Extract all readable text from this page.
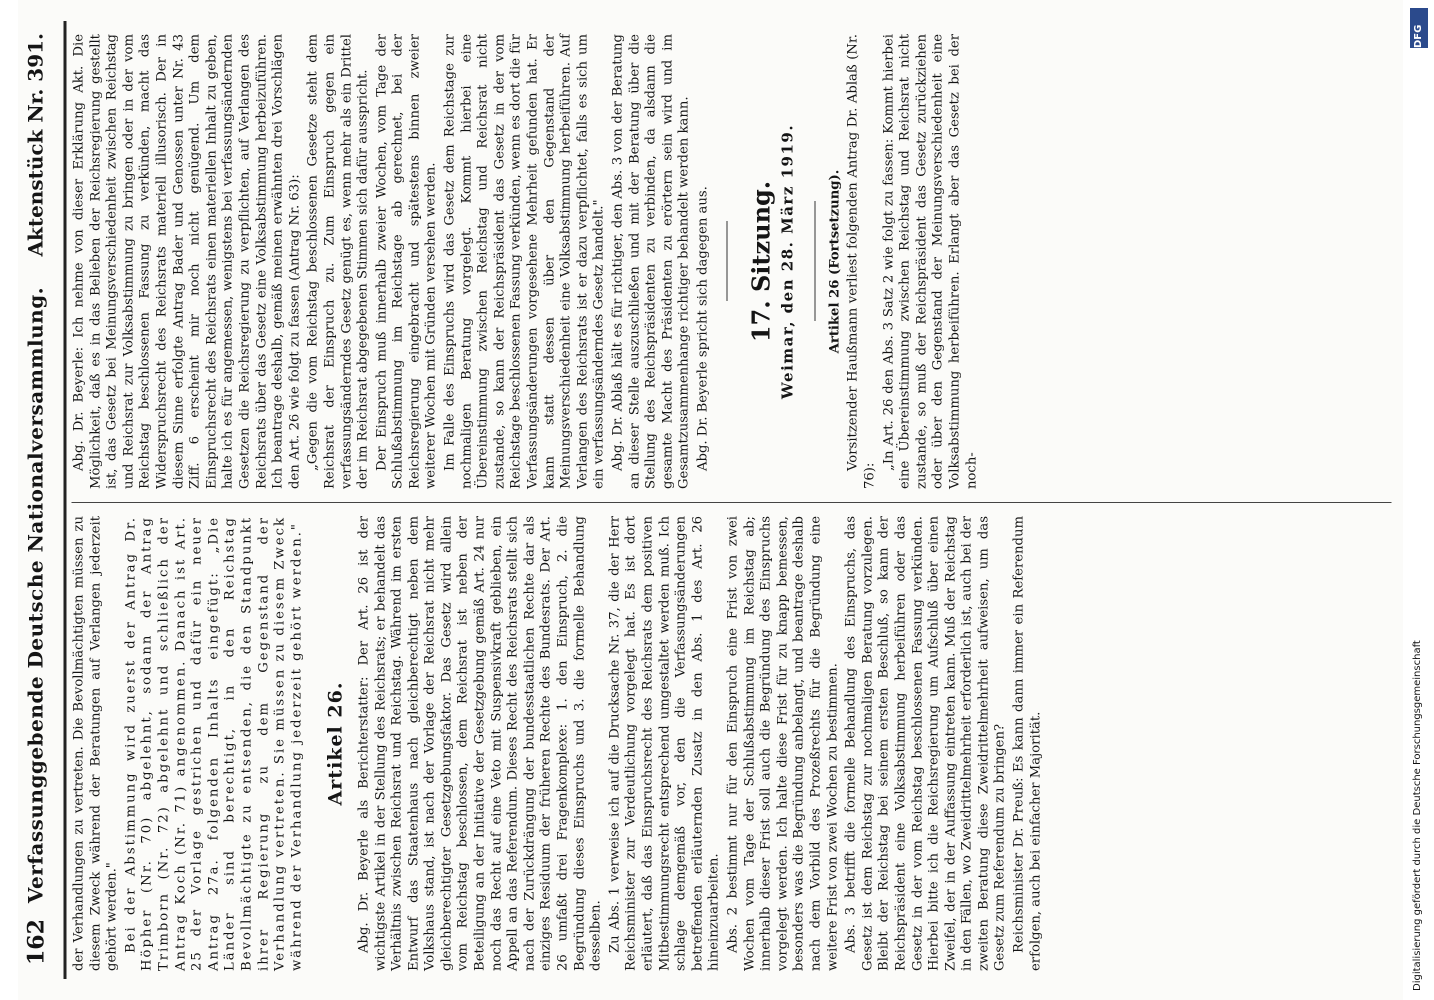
162
Verfassunggebende Deutsche Nationalversammlung.
Aktenstück Nr. 391.

der Verhandlungen zu vertreten. Die Bevollmächtigten müssen zu diesem Zweck während der Beratungen auf Verlangen jederzeit gehört werden." Bei der Abstimmung wird zuerst der Antrag Dr. Höpher (Nr. 70) abgelehnt, sodann der Antrag Trimborn (Nr. 72) abgelehnt und schließlich der Antrag Koch (Nr. 71) angenommen. Danach ist Art. 25 der Vorlage gestrichen und dafür ein neuer Antrag 27a. folgenden Inhalts eingefügt: „Die Länder sind berechtigt, in den Reichstag Bevollmächtigte zu entsenden, die den Standpunkt ihrer Regierung zu dem Gegenstand der Verhandlung vertreten. Sie müssen zu diesem Zweck während der Verhandlung jederzeit gehört werden." Artikel 26. Abg. Dr. Beyerle als Berichterstatter: Der Art. 26 ist der wichtigste Artikel in der Stellung des Reichsrats; er behandelt das Verhältnis zwischen Reichsrat und Reichstag. Während im ersten Entwurf das Staatenhaus nach gleichberechtigt neben dem Volkshaus stand, ist nach der Vorlage der Reichsrat nicht mehr gleichberechtigter Gesetzgebungsfaktor. Das Gesetz wird allein vom Reichstag beschlossen, dem Reichsrat ist neben der Beteiligung an der Initiative der Gesetzgebung gemäß Art. 24 nur noch das Recht auf eine Veto mit Suspensivkraft geblieben, ein Appell an das Referendum. Dieses Recht des Reichsrats stellt sich nach der Zurückdrängung der bundesstaatlichen Rechte dar als einziges Residuum der früheren Rechte des Bundesrats. Der Art. 26 umfaßt drei Fragenkomplexe: 1. den Einspruch, 2. die Begründung dieses Einspruchs und 3. die formelle Behandlung desselben. Zu Abs. 1 verweise ich auf die Drucksache Nr. 37, die der Herr Reichsminister zur Verdeutlichung vorgelegt hat. Es ist dort erläutert, daß das Einspruchsrecht des Reichsrats dem positiven Mitbestimmungsrecht entsprechend umgestaltet werden muß. Ich schlage demgemäß vor, den die Verfassungsänderungen betreffenden erläuternden Zusatz in den Abs. 1 des Art. 26 hineinzuarbeiten. Abs. 2 bestimmt nur für den Einspruch eine Frist von zwei Wochen vom Tage der Schlußabstimmung im Reichstag ab; innerhalb dieser Frist soll auch die Begründung des Einspruchs vorgelegt werden. Ich halte diese Frist für zu knapp bemessen, besonders was die Begründung anbelangt, und beantrage deshalb nach dem Vorbild des Prozeßrechts für die Begründung eine weitere Frist von zwei Wochen zu bestimmen. Abs. 3 betrifft die formelle Behandlung des Einspruchs, das Gesetz ist dem Reichstag zur nochmaligen Beratung vorzulegen. Bleibt der Reichstag bei seinem ersten Beschluß, so kann der Reichspräsident eine Volksabstimmung herbeiführen oder das Gesetz in der vom Reichstag beschlossenen Fassung verkünden. Hierbei bitte ich die Reichsregierung um Aufschluß über einen Zweifel, der in der Auffassung eintreten kann. Muß der Reichstag in den Fällen, wo Zweidrittelmehrheit erforderlich ist, auch bei der zweiten Beratung diese Zweidrittelmehrheit aufweisen, um das Gesetz zum Referendum zu bringen? Reichsminister Dr. Preuß: Es kann dann immer ein Referendum erfolgen, auch bei einfacher Majorität.

Abg. Dr. Beyerle: Ich nehme von dieser Erklärung Akt. Die Möglichkeit, daß es in das Belieben der Reichsregierung gestellt ist, das Gesetz bei Meinungsverschiedenheit zwischen Reichstag und Reichsrat zur Volksabstimmung zu bringen oder in der vom Reichstag beschlossenen Fassung zu verkünden, macht das Widerspruchsrecht des Reichsrats materiell illusorisch. Der in diesem Sinne erfolgte Antrag Bader und Genossen unter Nr. 43 Ziff. 6 erscheint mir noch nicht genügend. Um dem Einspruchsrecht des Reichsrats einen materiellen Inhalt zu geben, halte ich es für angemessen, wenigstens bei verfassungsändernden Gesetzen die Reichsregierung zu verpflichten, auf Verlangen des Reichsrats über das Gesetz eine Volksabstimmung herbeizuführen. Ich beantrage deshalb, gemäß meinen erwähnten drei Vorschlägen den Art. 26 wie folgt zu fassen (Antrag Nr. 63): „Gegen die vom Reichstag beschlossenen Gesetze steht dem Reichsrat der Einspruch zu. Zum Einspruch gegen ein verfassungsänderndes Gesetz genügt es, wenn mehr als ein Drittel der im Reichsrat abgegebenen Stimmen sich dafür ausspricht. Der Einspruch muß innerhalb zweier Wochen, vom Tage der Schlußabstimmung im Reichstage ab gerechnet, bei der Reichsregierung eingebracht und spätestens binnen zweier weiterer Wochen mit Gründen versehen werden. Im Falle des Einspruchs wird das Gesetz dem Reichstage zur nochmaligen Beratung vorgelegt. Kommt hierbei eine Übereinstimmung zwischen Reichstag und Reichsrat nicht zustande, so kann der Reichspräsident das Gesetz in der vom Reichstage beschlossenen Fassung verkünden, wenn es dort die für Verfassungsänderungen vorgesehene Mehrheit gefunden hat. Er kann statt dessen über den Gegenstand der Meinungsverschiedenheit eine Volksabstimmung herbeiführen. Auf Verlangen des Reichsrats ist er dazu verpflichtet, falls es sich um ein verfassungsänderndes Gesetz handelt." Abg. Dr. Ablaß hält es für richtiger, den Abs. 3 von der Beratung an dieser Stelle auszuschließen und mit der Beratung über die Stellung des Reichspräsidenten zu verbinden, da alsdann die gesamte Macht des Präsidenten zu erörtern sein wird und im Gesamtzusammenhange richtiger behandelt werden kann. Abg. Dr. Beyerle spricht sich dagegen aus. 17. Sitzung. Weimar, den 28. März 1919. Artikel 26 (Fortsetzung). Vorsitzender Haußmann verliest folgenden Antrag Dr. Ablaß (Nr. 76):

„In Art. 26 den Abs. 3 Satz 2 wie folgt zu fassen: Kommt hierbei eine Übereinstimmung zwischen Reichstag und Reichsrat nicht zustande, so muß der Reichspräsident das Gesetz zurückziehen oder über den Gegenstand der Meinungsverschiedenheit eine Volksabstimmung herbeiführen. Erlangt aber das Gesetz bei der noch-

DFG
Digitalisierung gefördert durch die Deutsche Forschungsgemeinschaft
